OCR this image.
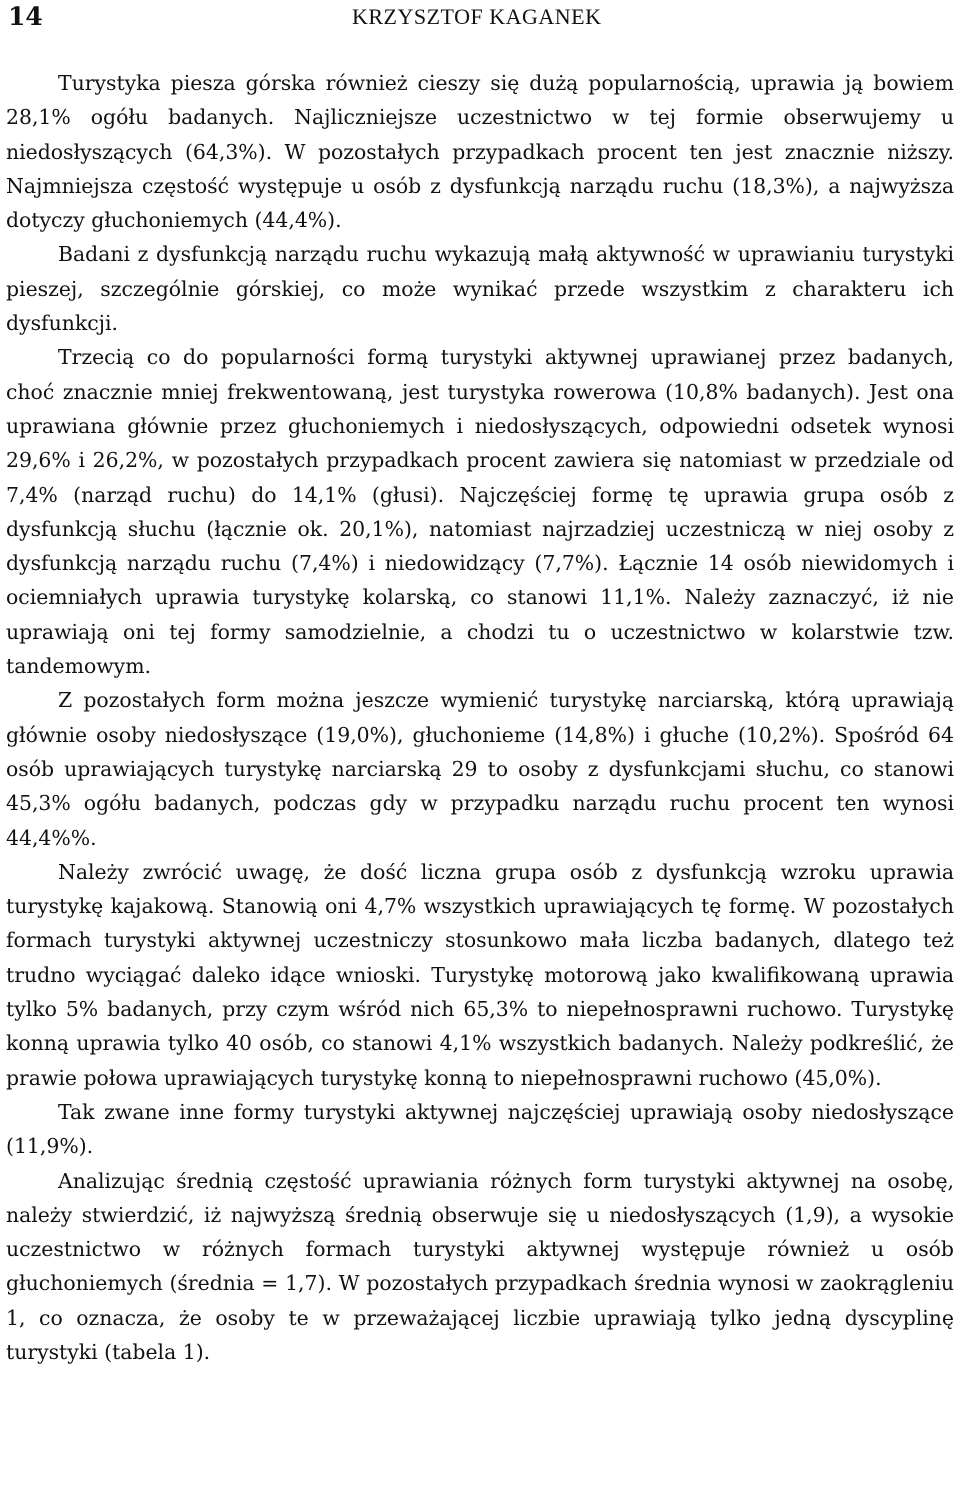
14	KRZYSZTOF KAGANEK

Turystyka piesza górska również cieszy się dużą popularnością, uprawia ją bowiem 28,1% ogółu badanych. Najliczniejsze uczestnictwo w tej formie obserwujemy u niedosłyszących (64,3%). W pozostałych przypadkach procent ten jest znacznie niższy. Najmniejsza częstość występuje u osób z dysfunkcją narządu ruchu (18,3%), a najwyższa dotyczy głuchoniemych (44,4%).

Badani z dysfunkcją narządu ruchu wykazują małą aktywność w uprawianiu turystyki pieszej, szczególnie górskiej, co może wynikać przede wszystkim z charakteru ich dysfunkcji.

Trzecią co do popularności formą turystyki aktywnej uprawianej przez badanych, choć znacznie mniej frekwentowaną, jest turystyka rowerowa (10,8% badanych). Jest ona uprawiana głównie przez głuchoniemych i niedosłyszących, odpowiedni odsetek wynosi 29,6% i 26,2%, w pozostałych przypadkach procent zawiera się natomiast w przedziale od 7,4% (narząd ruchu) do 14,1% (głusi). Najczęściej formę tę uprawia grupa osób z dysfunkcją słuchu (łącznie ok. 20,1%), natomiast najrzadziej uczestniczą w niej osoby z dysfunkcją narządu ruchu (7,4%) i niedowidzący (7,7%). Łącznie 14 osób niewidomych i ociemniałych uprawia turystykę kolarską, co stanowi 11,1%. Należy zaznaczyć, iż nie uprawiają oni tej formy samodzielnie, a chodzi tu o uczestnictwo w kolarstwie tzw. tandemowym.

Z pozostałych form można jeszcze wymienić turystykę narciarską, którą uprawiają głównie osoby niedosłyszące (19,0%), głuchonieme (14,8%) i głuche (10,2%). Spośród 64 osób uprawiających turystykę narciarską 29 to osoby z dysfunkcjami słuchu, co stanowi 45,3% ogółu badanych, podczas gdy w przypadku narządu ruchu procent ten wynosi 44,4%%.

Należy zwrócić uwagę, że dość liczna grupa osób z dysfunkcją wzroku uprawia turystykę kajakową. Stanowią oni 4,7% wszystkich uprawiających tę formę. W pozostałych formach turystyki aktywnej uczestniczy stosunkowo mała liczba badanych, dlatego też trudno wyciągać daleko idące wnioski. Turystykę motorową jako kwalifikowaną uprawia tylko 5% badanych, przy czym wśród nich 65,3% to niepełnosprawni ruchowo. Turystykę konną uprawia tylko 40 osób, co stanowi 4,1% wszystkich badanych. Należy podkreślić, że prawie połowa uprawiających turystykę konną to niepełnosprawni ruchowo (45,0%).

Tak zwane inne formy turystyki aktywnej najczęściej uprawiają osoby niedosłyszące (11,9%).

Analizując średnią częstość uprawiania różnych form turystyki aktywnej na osobę, należy stwierdzić, iż najwyższą średnią obserwuje się u niedosłyszących (1,9), a wysokie uczestnictwo w różnych formach turystyki aktywnej występuje również u osób głuchoniemych (średnia = 1,7). W pozostałych przypadkach średnia wynosi w zaokrągleniu 1, co oznacza, że osoby te w przeważającej liczbie uprawiają tylko jedną dyscyplinę turystyki (tabela 1).
